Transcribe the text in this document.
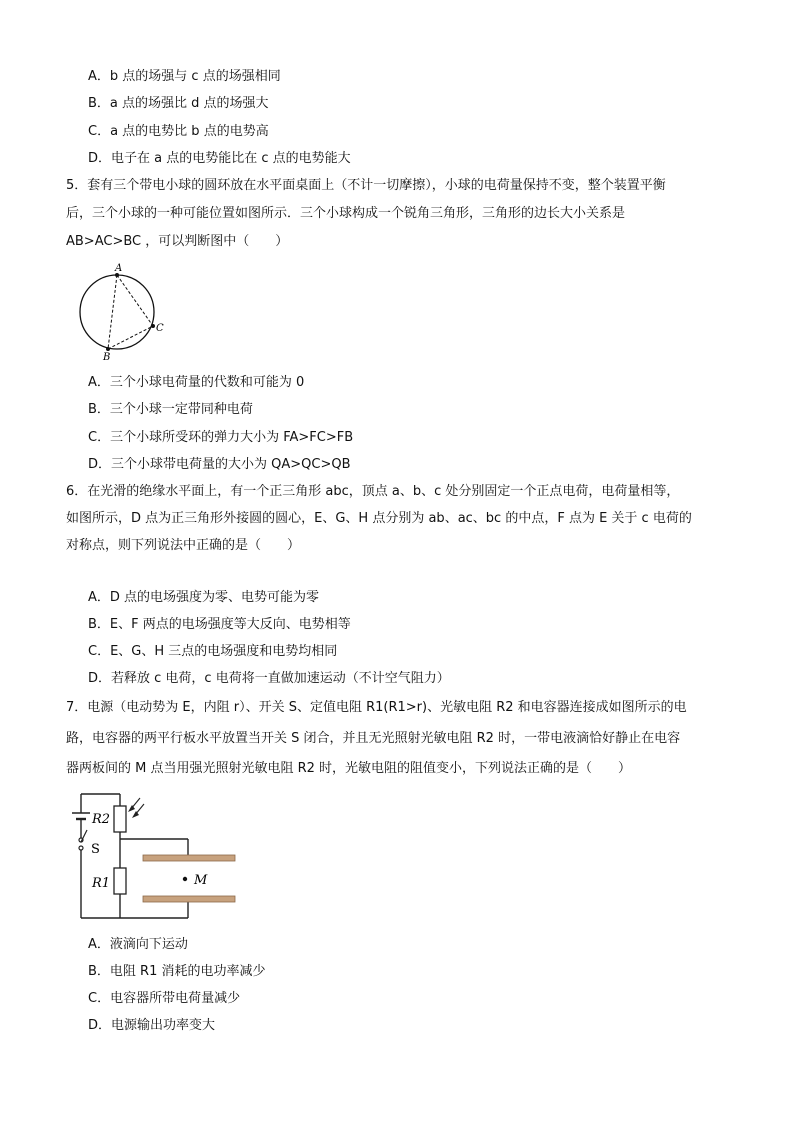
A．b 点的场强与 c 点的场强相同
B．a 点的场强比 d 点的场强大
C．a 点的电势比 b 点的电势高
D．电子在 a 点的电势能比在 c 点的电势能大
5．套有三个带电小球的圆环放在水平面桌面上（不计一切摩擦），小球的电荷量保持不变，整个装置平衡
后，三个小球的一种可能位置如图所示．三个小球构成一个锐角三角形，三角形的边长大小关系是
AB>AC>BC ，可以判断图中（　　）
A
B
C
A．三个小球电荷量的代数和可能为 0
B．三个小球一定带同种电荷
C．三个小球所受环的弹力大小为 FA>FC>FB
D．三个小球带电荷量的大小为 QA>QC>QB
6．在光滑的绝缘水平面上，有一个正三角形 abc，顶点 a、b、c 处分别固定一个正点电荷，电荷量相等，
如图所示，D 点为正三角形外接圆的圆心，E、G、H 点分别为 ab、ac、bc 的中点，F 点为 E 关于 c 电荷的
对称点，则下列说法中正确的是（　　）
A．D 点的电场强度为零、电势可能为零
B．E、F 两点的电场强度等大反向、电势相等
C．E、G、H 三点的电场强度和电势均相同
D．若释放 c 电荷，c 电荷将一直做加速运动（不计空气阻力）
7．电源（电动势为 E，内阻 r）、开关 S、定值电阻 R1(R1>r)、光敏电阻 R2 和电容器连接成如图所示的电
路，电容器的两平行板水平放置当开关 S 闭合，并且无光照射光敏电阻 R2 时，一带电液滴恰好静止在电容
器两板间的 M 点当用强光照射光敏电阻 R2 时，光敏电阻的阻值变小，下列说法正确的是（　　）
R2
S
R1	M
A．液滴向下运动
B．电阻 R1 消耗的电功率减少
C．电容器所带电荷量减少
D．电源输出功率变大
